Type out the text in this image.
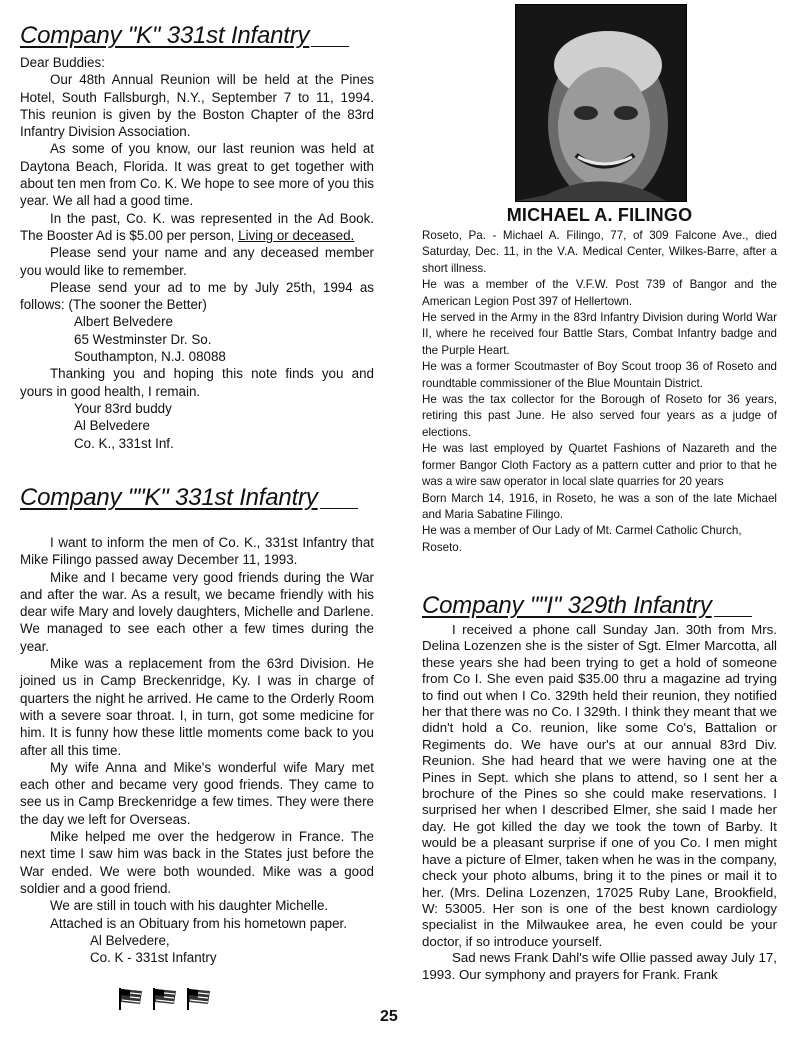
Company "K" 331st Infantry

Dear Buddies:

Our 48th Annual Reunion will be held at the Pines Hotel, South Fallsburgh, N.Y., September 7 to 11, 1994. This reunion is given by the Boston Chapter of the 83rd Infantry Division Association.

As some of you know, our last reunion was held at Daytona Beach, Florida. It was great to get together with about ten men from Co. K. We hope to see more of you this year. We all had a good time.

In the past, Co. K. was represented in the Ad Book. The Booster Ad is $5.00 per person, Living or deceased.

Please send your name and any deceased member you would like to remember.

Please send your ad to me by July 25th, 1994 as follows: (The sooner the Better)

Albert Belvedere

65 Westminster Dr. So.

Southampton, N.J. 08088

Thanking you and hoping this note finds you and yours in good health, I remain.

Your 83rd buddy

Al Belvedere

Co. K., 331st Inf.

Company ""K" 331st Infantry

I want to inform the men of Co. K., 331st Infantry that Mike Filingo passed away December 11, 1993.

Mike and I became very good friends during the War and after the war. As a result, we became friendly with his dear wife Mary and lovely daughters, Michelle and Darlene. We managed to see each other a few times during the year.

Mike was a replacement from the 63rd Division. He joined us in Camp Breckenridge, Ky. I was in charge of quarters the night he arrived. He came to the Orderly Room with a severe soar throat. I, in turn, got some medicine for him. It is funny how these little moments come back to you after all this time.

My wife Anna and Mike's wonderful wife Mary met each other and became very good friends. They came to see us in Camp Breckenridge a few times. They were there the day we left for Overseas.

Mike helped me over the hedgerow in France. The next time I saw him was back in the States just before the War ended. We were both wounded. Mike was a good soldier and a good friend.

We are still in touch with his daughter Michelle.

Attached is an Obituary from his hometown paper.

Al Belvedere,

Co. K - 331st Infantry

MICHAEL A. FILINGO

Roseto, Pa. - Michael A. Filingo, 77, of 309 Falcone Ave., died Saturday, Dec. 11, in the V.A. Medical Center, Wilkes-Barre, after a short illness.

He was a member of the V.F.W. Post 739 of Bangor and the American Legion Post 397 of Hellertown.

He served in the Army in the 83rd Infantry Division during World War II, where he received four Battle Stars, Combat Infantry badge and the Purple Heart.

He was a former Scoutmaster of Boy Scout troop 36 of Roseto and roundtable commissioner of the Blue Mountain District.

He was the tax collector for the Borough of Roseto for 36 years, retiring this past June. He also served four years as a judge of elections.

He was last employed by Quartet Fashions of Nazareth and the former Bangor Cloth Factory as a pattern cutter and prior to that he was a wire saw operator in local slate quarries for 20 years

Born March 14, 1916, in Roseto, he was a son of the late Michael and Maria Sabatine Filingo.

He was a member of Our Lady of Mt. Carmel Catholic Church, Roseto.

Company ""I" 329th Infantry

I received a phone call Sunday Jan. 30th from Mrs. Delina Lozenzen she is the sister of Sgt. Elmer Marcotta, all these years she had been trying to get a hold of someone from Co I. She even paid $35.00 thru a magazine ad trying to find out when I Co. 329th held their reunion, they notified her that there was no Co. I 329th. I think they meant that we didn't hold a Co. reunion, like some Co's, Battalion or Regiments do. We have our's at our annual 83rd Div. Reunion. She had heard that we were having one at the Pines in Sept. which she plans to attend, so I sent her a brochure of the Pines so she could make reservations. I surprised her when I described Elmer, she said I made her day. He got killed the day we took the town of Barby. It would be a pleasant surprise if one of you Co. I men might have a picture of Elmer, taken when he was in the company, check your photo albums, bring it to the pines or mail it to her. (Mrs. Delina Lozenzen, 17025 Ruby Lane, Brookfield, W: 53005. Her son is one of the best known cardiology specialist in the Milwaukee area, he even could be your doctor, if so introduce yourself.

Sad news Frank Dahl's wife Ollie passed away July 17, 1993. Our symphony and prayers for Frank. Frank

25
